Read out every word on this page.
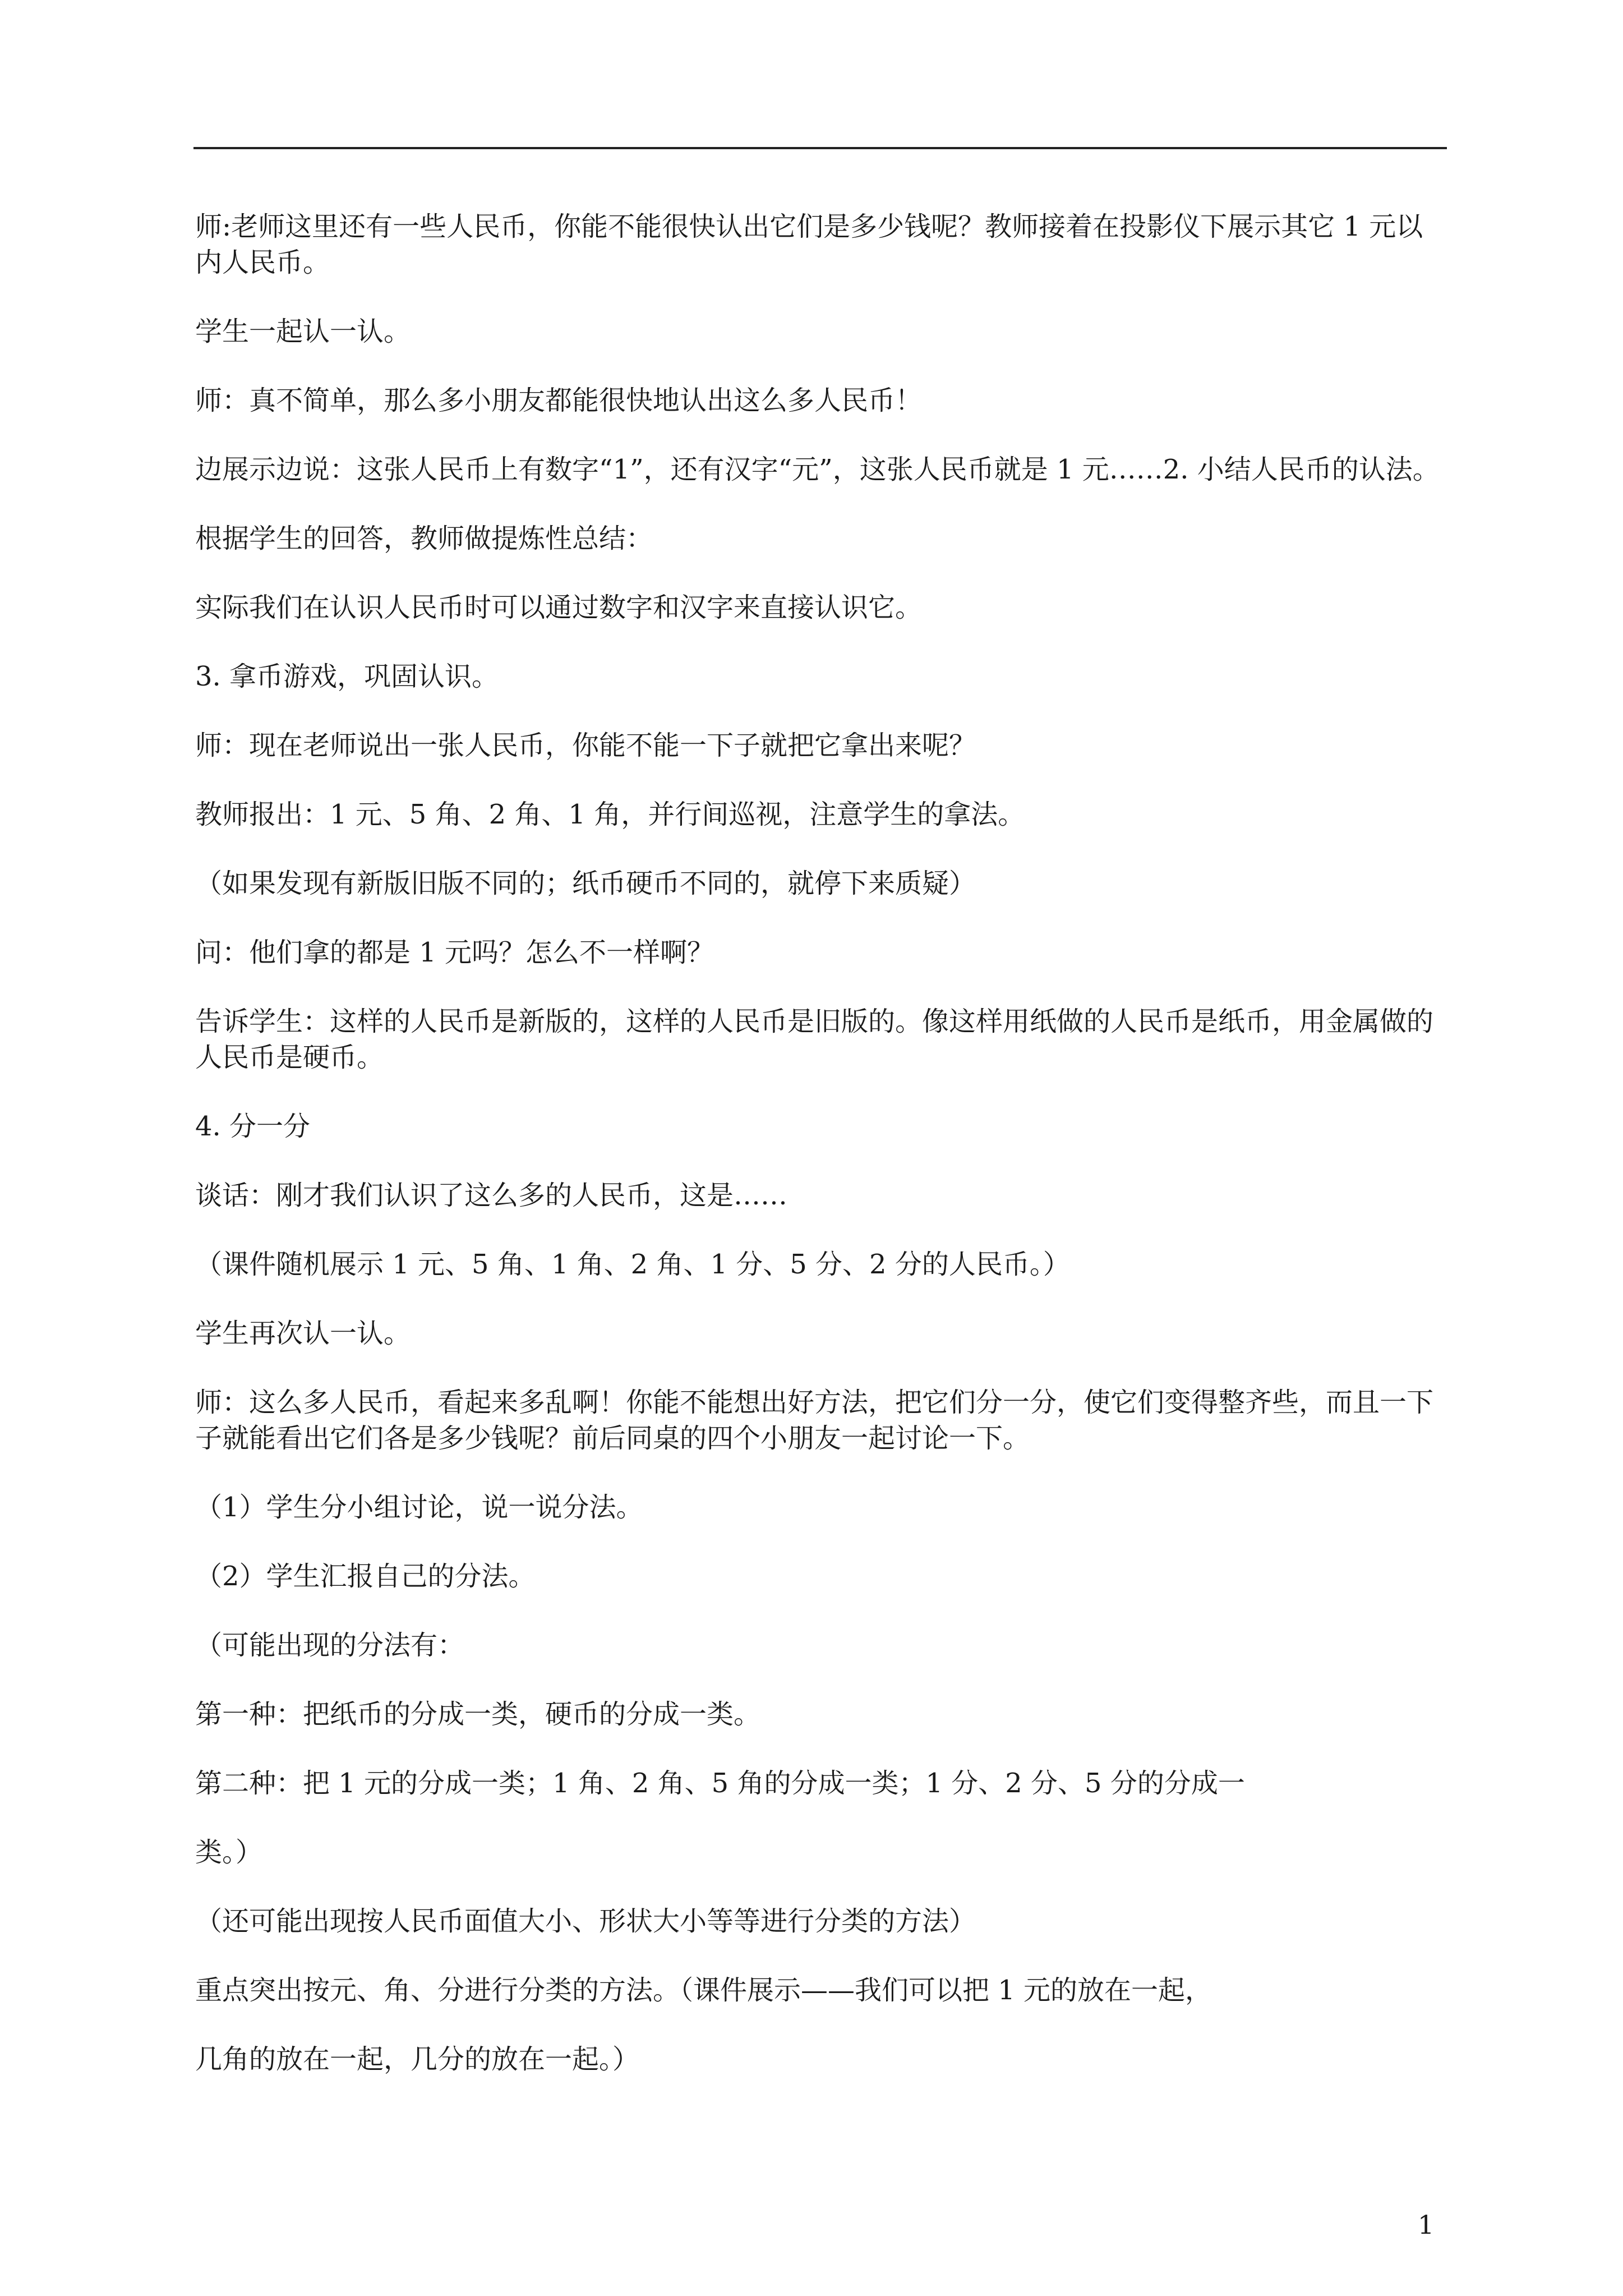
师:老师这里还有一些人民币，你能不能很快认出它们是多少钱呢？教师接着在投影仪下展示其它 1 元以内人民币。

学生一起认一认。

师：真不简单，那么多小朋友都能很快地认出这么多人民币！

边展示边说：这张人民币上有数字“1”，还有汉字“元”，这张人民币就是 1 元……2. 小结人民币的认法。

根据学生的回答，教师做提炼性总结：

实际我们在认识人民币时可以通过数字和汉字来直接认识它。

3. 拿币游戏，巩固认识。

师：现在老师说出一张人民币，你能不能一下子就把它拿出来呢？

教师报出：1 元、5 角、2 角、1 角，并行间巡视，注意学生的拿法。

（如果发现有新版旧版不同的；纸币硬币不同的，就停下来质疑）

问：他们拿的都是 1 元吗？怎么不一样啊？

告诉学生：这样的人民币是新版的，这样的人民币是旧版的。像这样用纸做的人民币是纸币，用金属做的人民币是硬币。

4. 分一分

谈话：刚才我们认识了这么多的人民币，这是……

（课件随机展示 1 元、5 角、1 角、2 角、1 分、5 分、2 分的人民币。）

学生再次认一认。

师：这么多人民币，看起来多乱啊！你能不能想出好方法，把它们分一分，使它们变得整齐些，而且一下子就能看出它们各是多少钱呢？前后同桌的四个小朋友一起讨论一下。

（1）学生分小组讨论，说一说分法。

（2）学生汇报自己的分法。

（可能出现的分法有：

第一种：把纸币的分成一类，硬币的分成一类。

第二种：把 1 元的分成一类；1 角、2 角、5 角的分成一类；1 分、2 分、5 分的分成一

类。）

（还可能出现按人民币面值大小、形状大小等等进行分类的方法）

重点突出按元、角、分进行分类的方法。（课件展示——我们可以把 1 元的放在一起，

几角的放在一起，几分的放在一起。）

1
